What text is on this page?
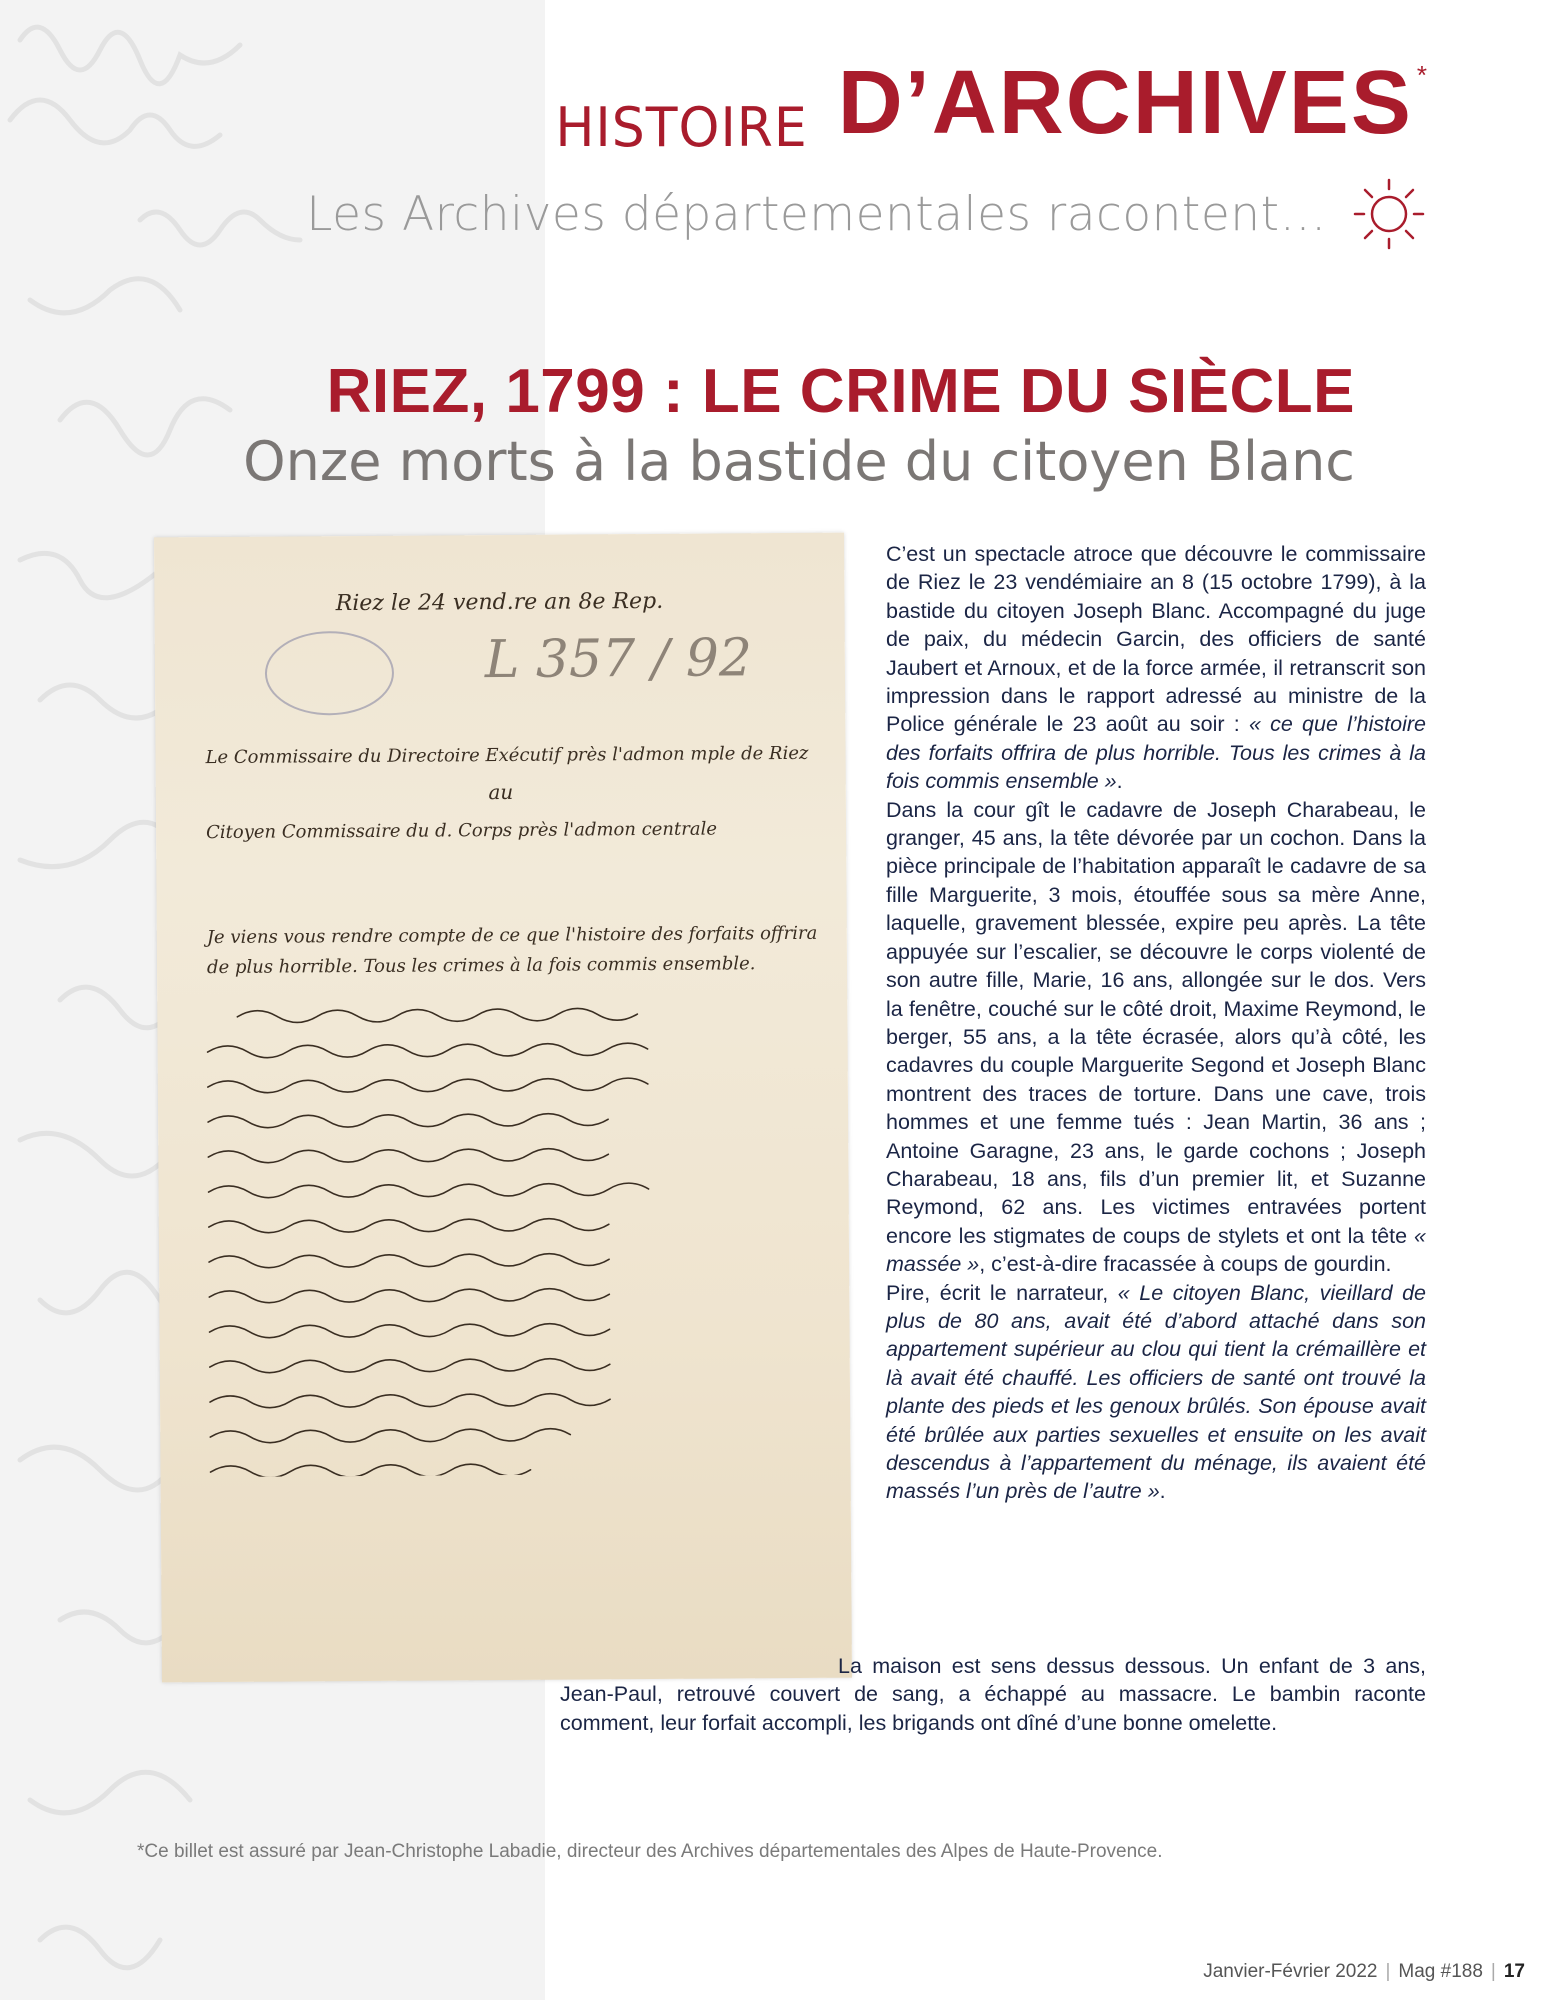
HISTOIRE D’ARCHIVES *
Les Archives départementales racontent…
RIEZ, 1799 : LE CRIME DU SIÈCLE
Onze morts à la bastide du citoyen Blanc
Riez le 24 vend.re an 8e Rep.
L 357 / 92
Le Commissaire du Directoire Exécutif près l'admon mple de Riez
au
Citoyen Commissaire du d. Corps près l'admon centrale
Je viens vous rendre compte de ce que l'histoire des forfaits offrira
de plus horrible. Tous les crimes à la fois commis ensemble.

C’est un spectacle atroce que découvre le commissaire de Riez le 23 vendémiaire an 8 (15 octobre 1799), à la bastide du citoyen Joseph Blanc. Accompagné du juge de paix, du médecin Garcin, des officiers de santé Jaubert et Arnoux, et de la force armée, il retranscrit son impression dans le rapport adressé au ministre de la Police générale le 23 août au soir : « ce que l’histoire des forfaits offrira de plus horrible. Tous les crimes à la fois commis ensemble ».

Dans la cour gît le cadavre de Joseph Charabeau, le granger, 45 ans, la tête dévorée par un cochon. Dans la pièce principale de l’habitation apparaît le cadavre de sa fille Marguerite, 3 mois, étouffée sous sa mère Anne, laquelle, gravement blessée, expire peu après. La tête appuyée sur l’escalier, se découvre le corps violenté de son autre fille, Marie, 16 ans, allongée sur le dos. Vers la fenêtre, couché sur le côté droit, Maxime Reymond, le berger, 55 ans, a la tête écrasée, alors qu’à côté, les cadavres du couple Marguerite Segond et Joseph Blanc montrent des traces de torture. Dans une cave, trois hommes et une femme tués : Jean Martin, 36 ans ; Antoine Garagne, 23 ans, le garde cochons ; Joseph Charabeau, 18 ans, fils d’un premier lit, et Suzanne Reymond, 62 ans. Les victimes entravées portent encore les stigmates de coups de stylets et ont la tête « massée », c’est-à-dire fracassée à coups de gourdin.

Pire, écrit le narrateur, « Le citoyen Blanc, vieillard de plus de 80 ans, avait été d’abord attaché dans son appartement supérieur au clou qui tient la crémaillère et là avait été chauffé. Les officiers de santé ont trouvé la plante des pieds et les genoux brûlés. Son épouse avait été brûlée aux parties sexuelles et ensuite on les avait descendus à l’appartement du ménage, ils avaient été massés l’un près de l’autre ».

La maison est sens dessus dessous. Un enfant de 3 ans, Jean-Paul, retrouvé couvert de sang, a échappé au massacre. Le bambin raconte comment, leur forfait accompli, les brigands ont dîné d’une bonne omelette.
*Ce billet est assuré par Jean-Christophe Labadie, directeur des Archives départementales des Alpes de Haute-Provence.
Janvier-Février 2022 | Mag #188 | 17
